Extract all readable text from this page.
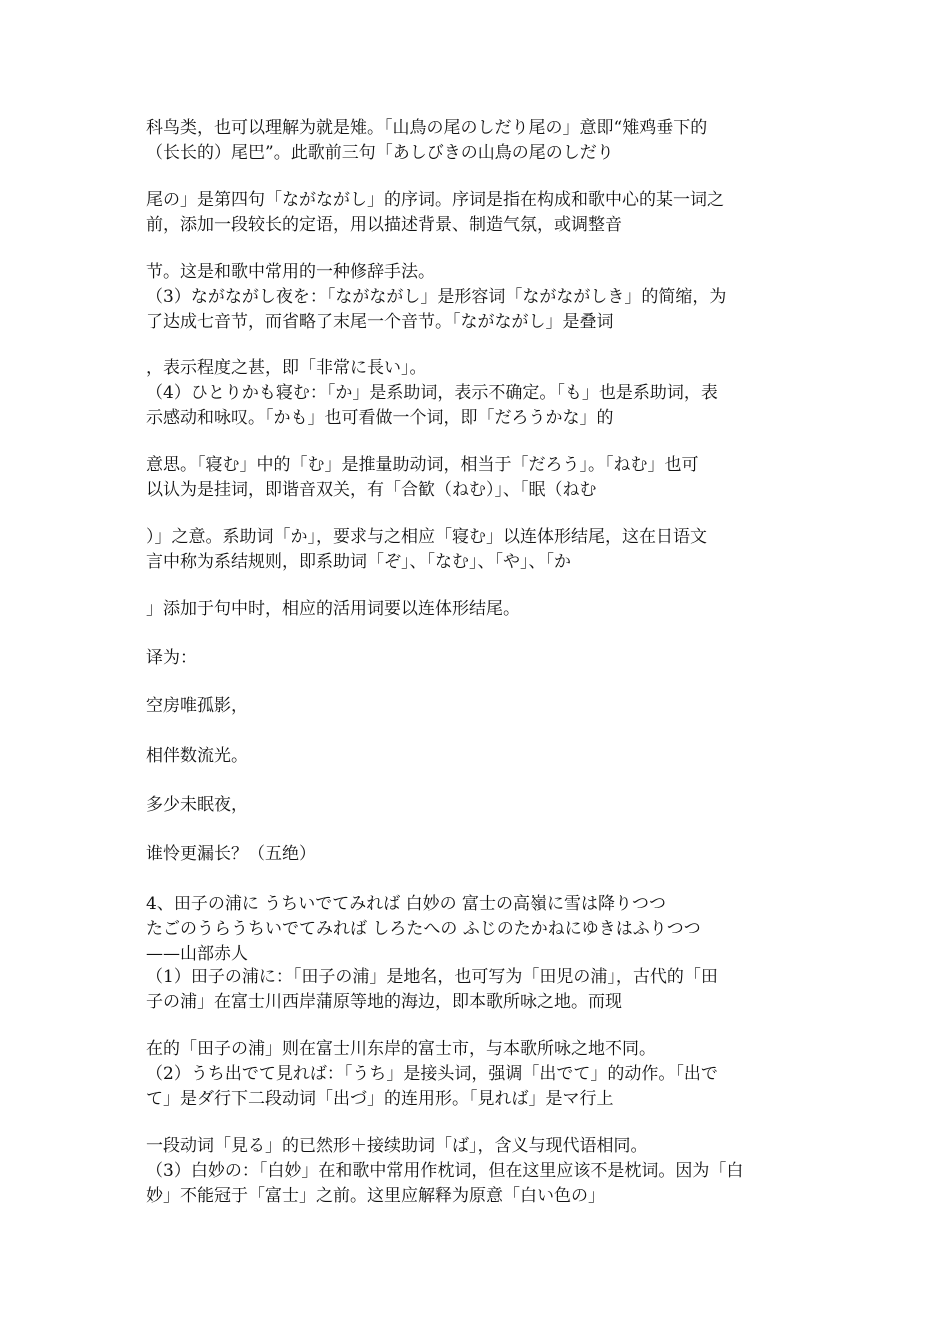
科鸟类，也可以理解为就是雉。「山鳥の尾のしだり尾の」意即“雉鸡垂下的
（长长的）尾巴”。此歌前三句「あしびきの山鳥の尾のしだり
尾の」是第四句「ながながし」的序词。序词是指在构成和歌中心的某一词之
前，添加一段较长的定语，用以描述背景、制造气氛，或调整音
节。这是和歌中常用的一种修辞手法。
（3）ながながし夜を：「ながながし」是形容词「ながながしき」的简缩，为
了达成七音节，而省略了末尾一个音节。「ながながし」是叠词
，表示程度之甚，即「非常に長い」。
（4）ひとりかも寝む：「か」是系助词，表示不确定。「も」也是系助词，表
示感动和咏叹。「かも」也可看做一个词，即「だろうかな」的
意思。「寝む」中的「む」是推量助动词，相当于「だろう」。「ねむ」也可
以认为是挂词，即谐音双关，有「合歓（ねむ）」、「眠（ねむ
）」之意。系助词「か」，要求与之相应「寝む」以连体形结尾，这在日语文
言中称为系结规则，即系助词「ぞ」、「なむ」、「や」、「か
」添加于句中时，相应的活用词要以连体形结尾。
译为：
空房唯孤影，
相伴数流光。
多少未眠夜，
谁怜更漏长？（五绝）
4、田子の浦に うちいでてみれば 白妙の 富士の高嶺に雪は降りつつ
たごのうらうちいでてみれば しろたへの ふじのたかねにゆきはふりつつ
——山部赤人
（1）田子の浦に：「田子の浦」是地名，也可写为「田児の浦」，古代的「田
子の浦」在富士川西岸蒲原等地的海边，即本歌所咏之地。而现
在的「田子の浦」则在富士川东岸的富士市，与本歌所咏之地不同。
（2）うち出でて見れば：「うち」是接头词，强调「出でて」的动作。「出で
て」是ダ行下二段动词「出づ」的连用形。「見れば」是マ行上
一段动词「見る」的已然形＋接续助词「ば」，含义与现代语相同。
（3）白妙の：「白妙」在和歌中常用作枕词，但在这里应该不是枕词。因为「白
妙」不能冠于「富士」之前。这里应解释为原意「白い色の」
